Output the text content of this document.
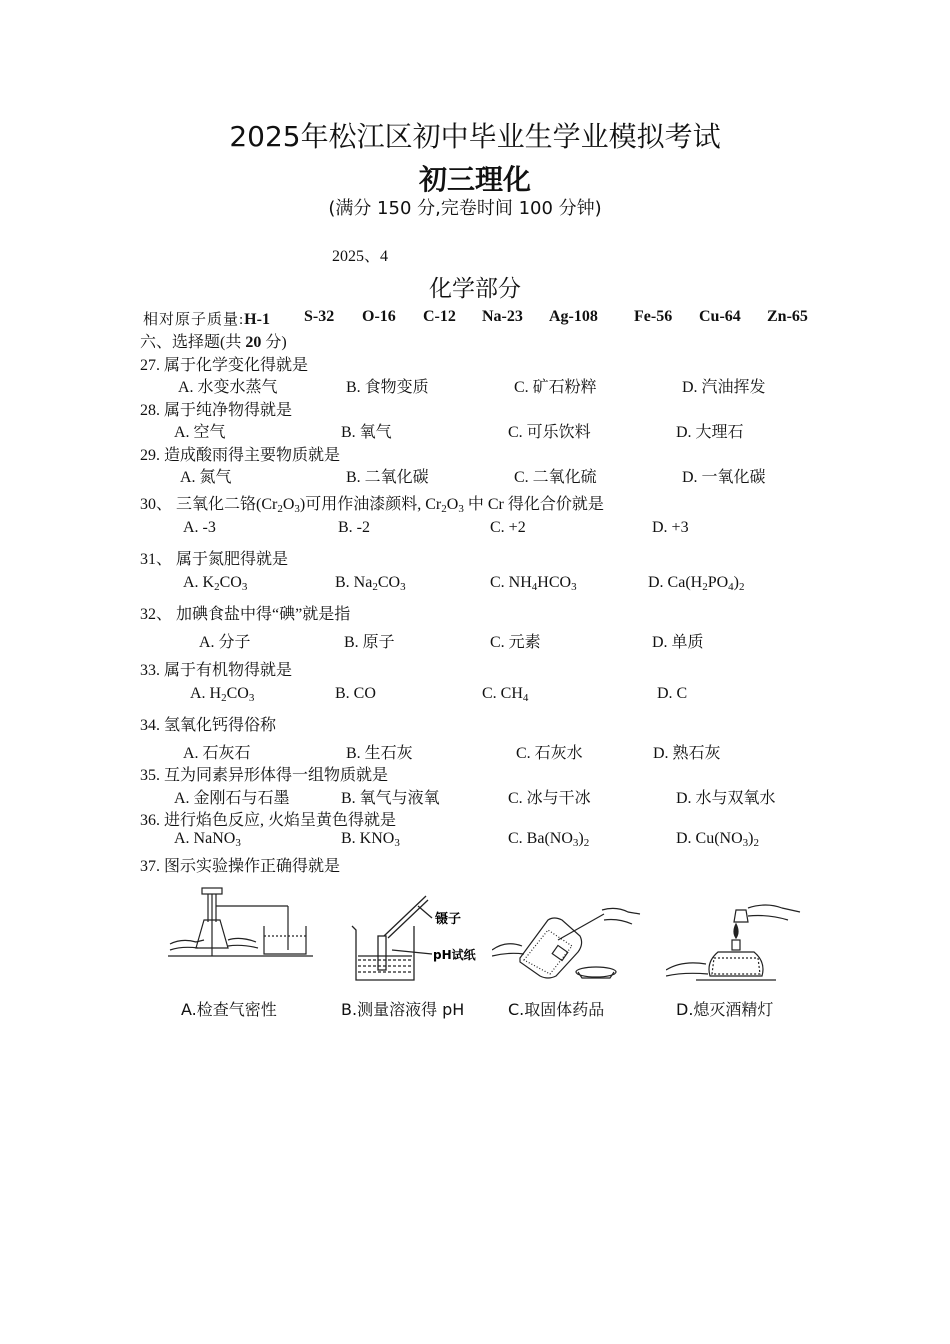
2025年松江区初中毕业生学业模拟考试
初三理化
(满分 150 分,完卷时间 100 分钟)
2025、4
化学部分
相对原子质量:H-1 S-32 O-16 C-12 Na-23 Ag-108 Fe-56 Cu-64 Zn-65
六、选择题(共 20 分)
27. 属于化学变化得就是
A. 水变水蒸气	B. 食物变质	C. 矿石粉粹	D. 汽油挥发
28. 属于纯净物得就是
A. 空气	B. 氧气	C. 可乐饮料	D. 大理石
29. 造成酸雨得主要物质就是
A. 氮气	B. 二氧化碳	C. 二氧化硫	D. 一氧化碳
30、 三氧化二铬$(Cr_2O_3)$可用作油漆颜料, $Cr_2O_3$ 中 Cr 得化合价就是
A. -3	B. -2	C. +2	D. +3
31、 属于氮肥得就是
A. $K_2CO_3$	B. $Na_2CO_3$	C. $NH_4HCO_3$	D. $Ca(H_2PO_4)_2$
32、 加碘食盐中得“碘”就是指
A. 分子	B. 原子	C. 元素	D. 单质
33. 属于有机物得就是
A. $H_2CO_3$	B. CO	C. $CH_4$	D. C
34. 氢氧化钙得俗称
A. 石灰石	B. 生石灰	C. 石灰水	D. 熟石灰
35. 互为同素异形体得一组物质就是
A. 金刚石与石墨	B. 氧气与液氧	C. 冰与干冰	D. 水与双氧水
36. 进行焰色反应, 火焰呈黄色得就是
A. NaNO$_3$	B. $KNO_3$	C. $Ba(NO_3)_2$	D. $Cu(NO_3)_2$
37. 图示实验操作正确得就是
A.检查气密性
镊子
pH试纸
B.测量溶液得 pH	C.取固体药品	D.熄灭酒精灯
